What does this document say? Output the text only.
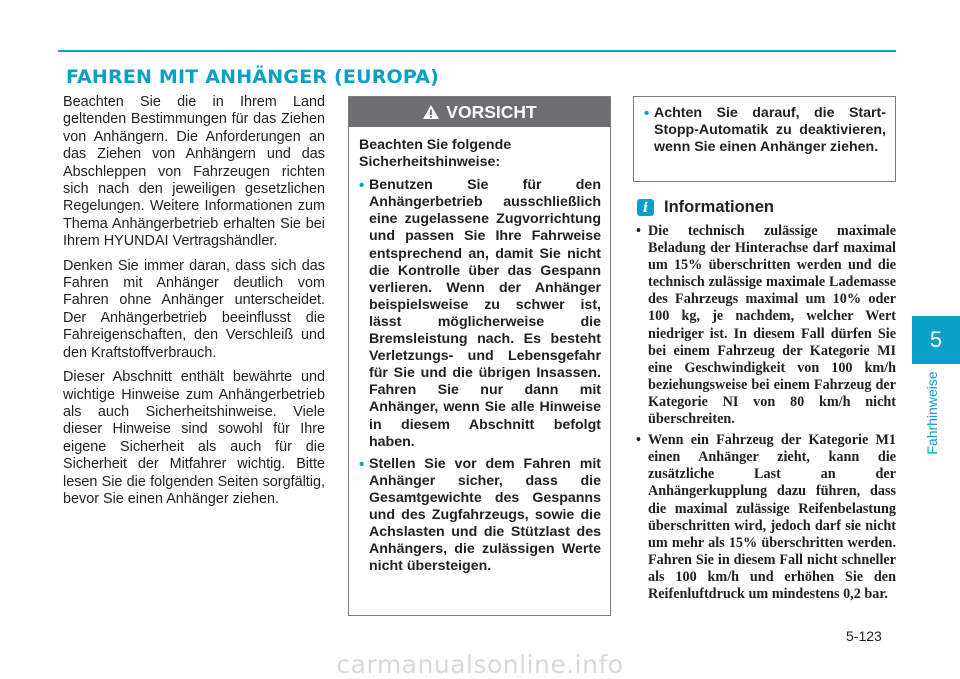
FAHREN MIT ANHÄNGER (EUROPA)

Beachten Sie die in Ihrem Land geltenden Bestimmungen für das Ziehen von Anhängern. Die Anforderungen an das Ziehen von Anhängern und das Abschleppen von Fahrzeugen richten sich nach den jeweiligen gesetzlichen Regelungen. Weitere Informationen zum Thema Anhängerbetrieb erhalten Sie bei Ihrem HYUNDAI Vertragshändler.

Denken Sie immer daran, dass sich das Fahren mit Anhänger deutlich vom Fahren ohne Anhänger unterscheidet. Der Anhängerbetrieb beeinflusst die Fahreigenschaften, den Verschleiß und den Kraftstoffverbrauch.

Dieser Abschnitt enthält bewährte und wichtige Hinweise zum Anhängerbetrieb als auch Sicherheitshinweise. Viele dieser Hinweise sind sowohl für Ihre eigene Sicherheit als auch für die Sicherheit der Mitfahrer wichtig. Bitte lesen Sie die folgenden Seiten sorgfältig, bevor Sie einen Anhänger ziehen.

VORSICHT

Beachten Sie folgende Sicherheitshinweise:

• Benutzen Sie für den Anhängerbetrieb ausschließlich eine zugelassene Zugvorrichtung und passen Sie Ihre Fahrweise entsprechend an, damit Sie nicht die Kontrolle über das Gespann verlieren. Wenn der Anhänger beispielsweise zu schwer ist, lässt möglicherweise die Bremsleistung nach. Es besteht Verletzungs- und Lebensgefahr für Sie und die übrigen Insassen. Fahren Sie nur dann mit Anhänger, wenn Sie alle Hinweise in diesem Abschnitt befolgt haben.
• Stellen Sie vor dem Fahren mit Anhänger sicher, dass die Gesamtgewichte des Gespanns und des Zugfahrzeugs, sowie die Achslasten und die Stützlast des Anhängers, die zulässigen Werte nicht übersteigen.
• Achten Sie darauf, die Start-Stopp-Automatik zu deaktivieren, wenn Sie einen Anhänger ziehen.
i Informationen
• Die technisch zulässige maximale Beladung der Hinterachse darf maximal um 15% überschritten werden und die technisch zulässige maximale Lademasse des Fahrzeugs maximal um 10% oder 100 kg, je nachdem, welcher Wert niedriger ist. In diesem Fall dürfen Sie bei einem Fahrzeug der Kategorie MI eine Geschwindigkeit von 100 km/h beziehungsweise bei einem Fahrzeug der Kategorie NI von 80 km/h nicht überschreiten.
• Wenn ein Fahrzeug der Kategorie M1 einen Anhänger zieht, kann die zusätzliche Last an der Anhängerkupplung dazu führen, dass die maximal zulässige Reifenbelastung überschritten wird, jedoch darf sie nicht um mehr als 15% überschritten werden. Fahren Sie in diesem Fall nicht schneller als 100 km/h und erhöhen Sie den Reifenluftdruck um mindestens 0,2 bar.
5-123
5
Fahrhinweise
carmanualsonline.info
